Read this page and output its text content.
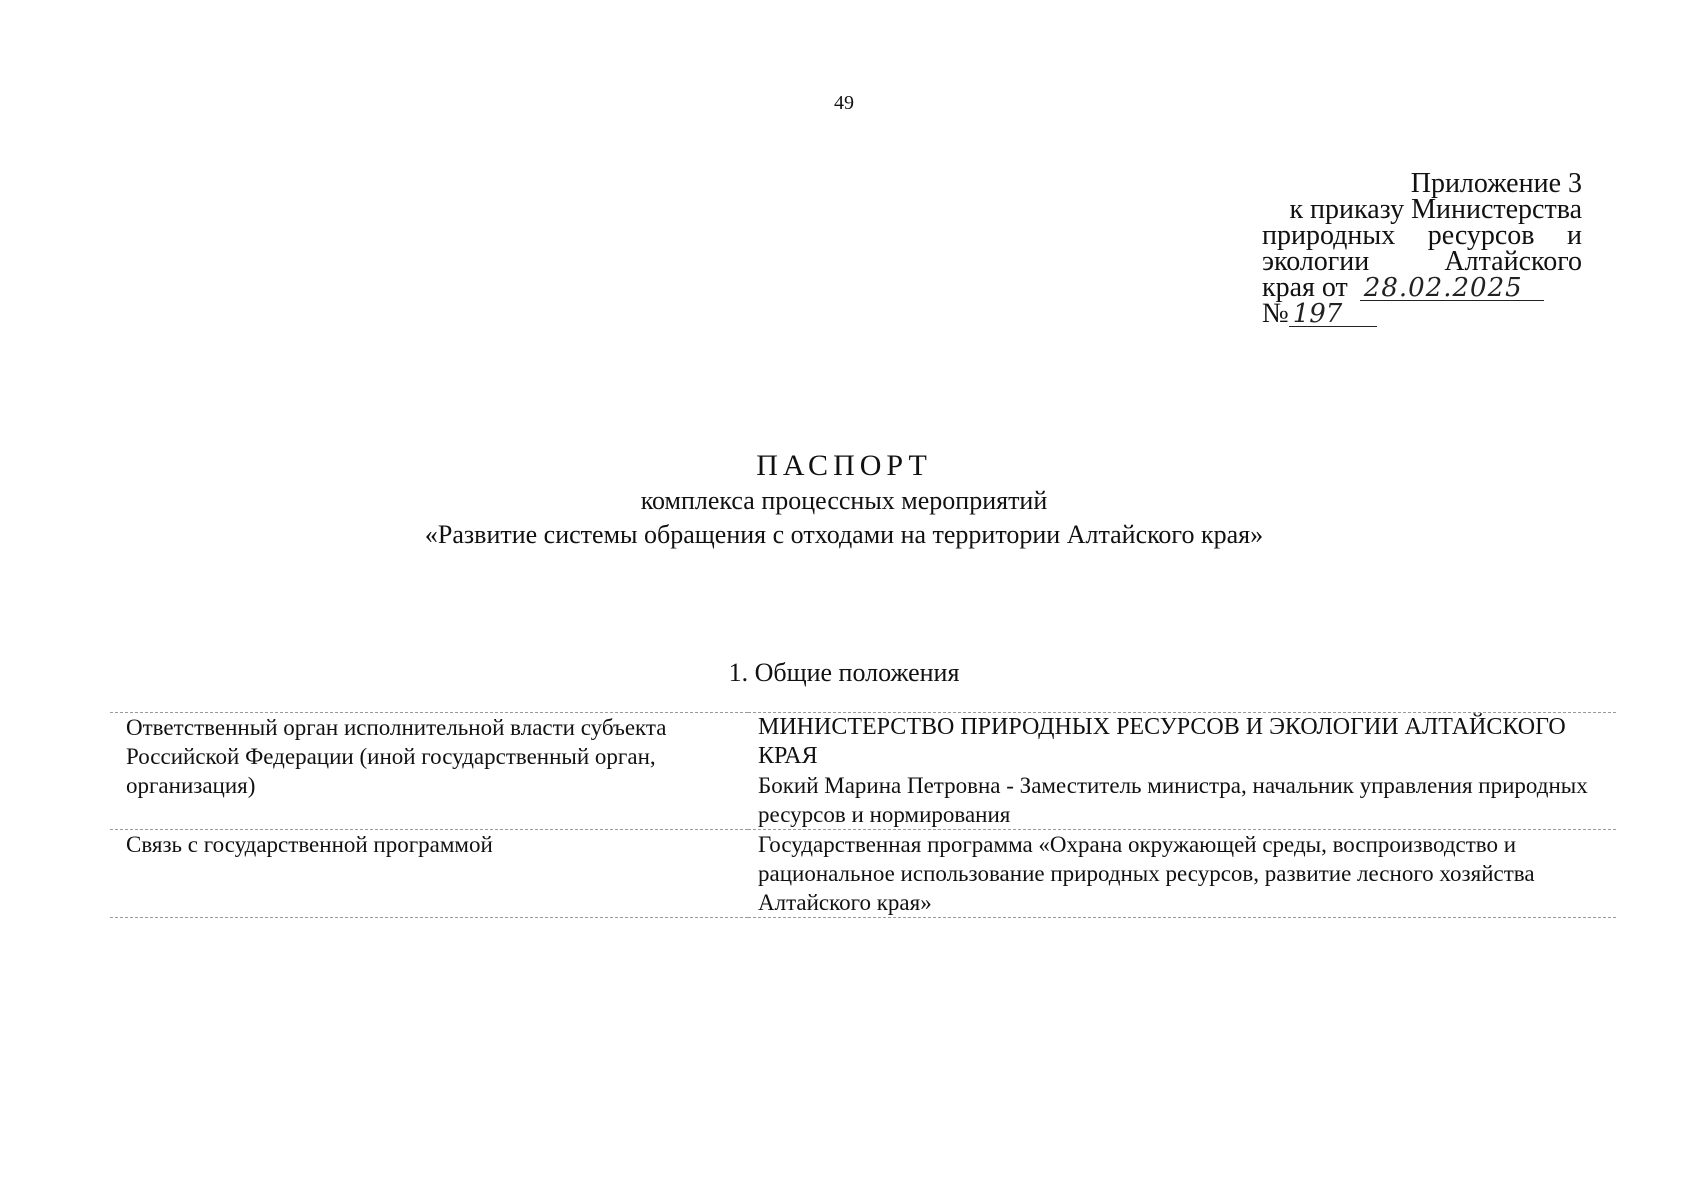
49
Приложение 3
к приказу Министерства
природных ресурсов и
экологии	Алтайского
края от 28.02.2025
№ 197
ПАСПОРТ
комплекса процессных мероприятий
«Развитие системы обращения с отходами на территории Алтайского края»
1. Общие положения
Ответственный орган исполнительной власти субъекта Российской Федерации (иной государственный орган, организация)	МИНИСТЕРСТВО ПРИРОДНЫХ РЕСУРСОВ И ЭКОЛОГИИ АЛТАЙСКОГО КРАЯ
Бокий Марина Петровна - Заместитель министра, начальник управления природных ресурсов и нормирования

Связь с государственной программой	Государственная программа «Охрана окружающей среды, воспроизводство и рациональное использование природных ресурсов, развитие лесного хозяйства Алтайского края»
